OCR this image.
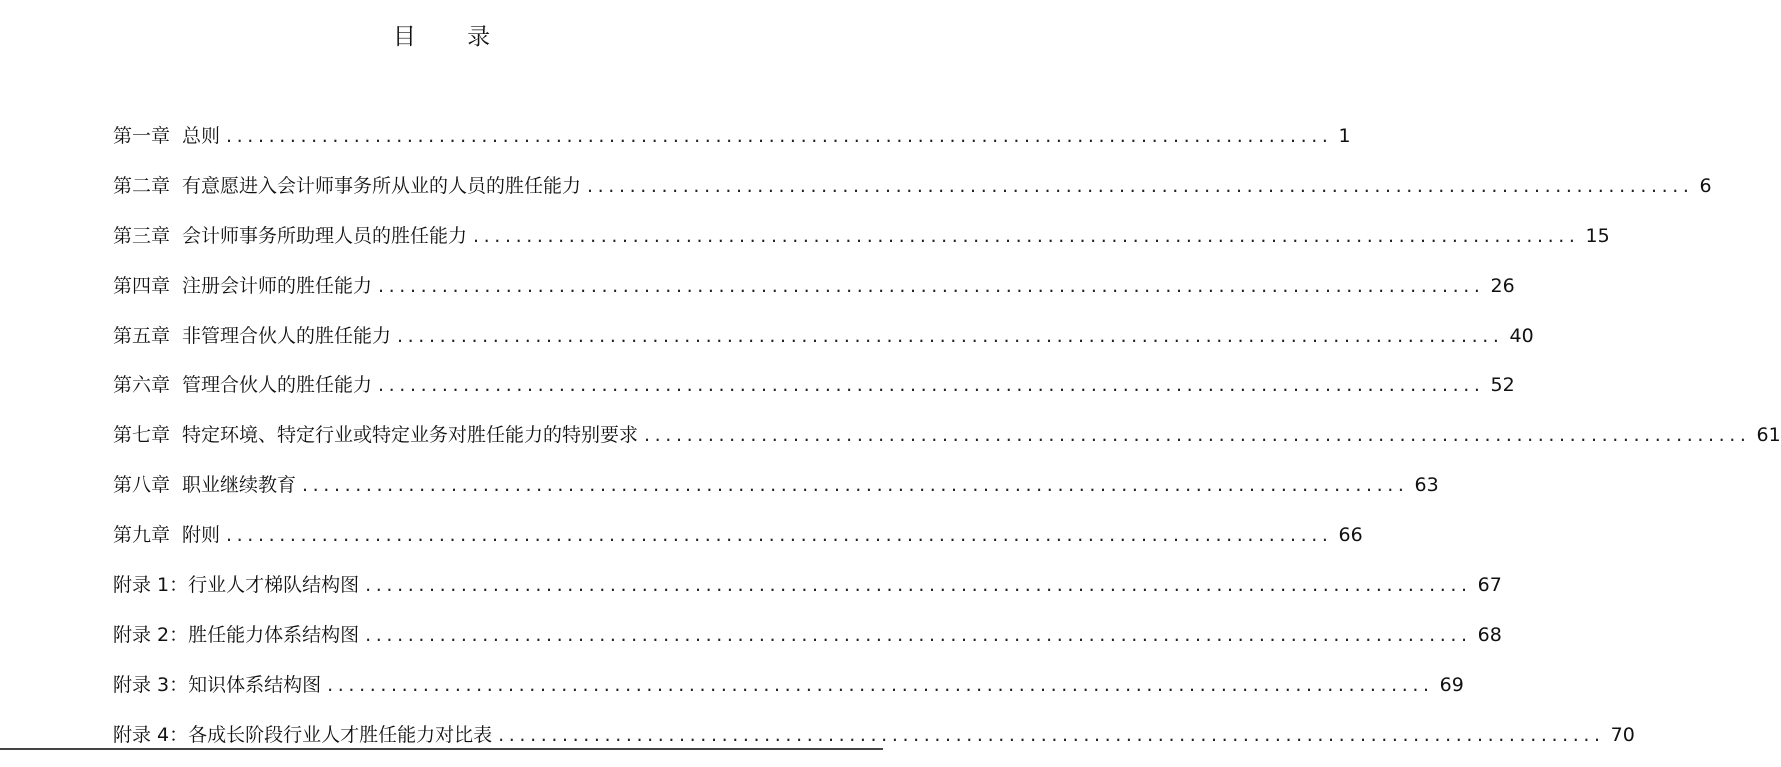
目 录
第一章 总则 ........................................................................................................ 1
第二章 有意愿进入会计师事务所从业的人员的胜任能力 ........................................................................................................ 6
第三章 会计师事务所助理人员的胜任能力 ........................................................................................................ 15
第四章 注册会计师的胜任能力 ........................................................................................................ 26
第五章 非管理合伙人的胜任能力 ........................................................................................................ 40
第六章 管理合伙人的胜任能力 ........................................................................................................ 52
第七章 特定环境、特定行业或特定业务对胜任能力的特别要求 ........................................................................................................ 61
第八章 职业继续教育 ........................................................................................................ 63
第九章 附则 ........................................................................................................ 66
附录 1：行业人才梯队结构图 ........................................................................................................ 67
附录 2：胜任能力体系结构图 ........................................................................................................ 68
附录 3：知识体系结构图 ........................................................................................................ 69
附录 4：各成长阶段行业人才胜任能力对比表 ........................................................................................................ 70
